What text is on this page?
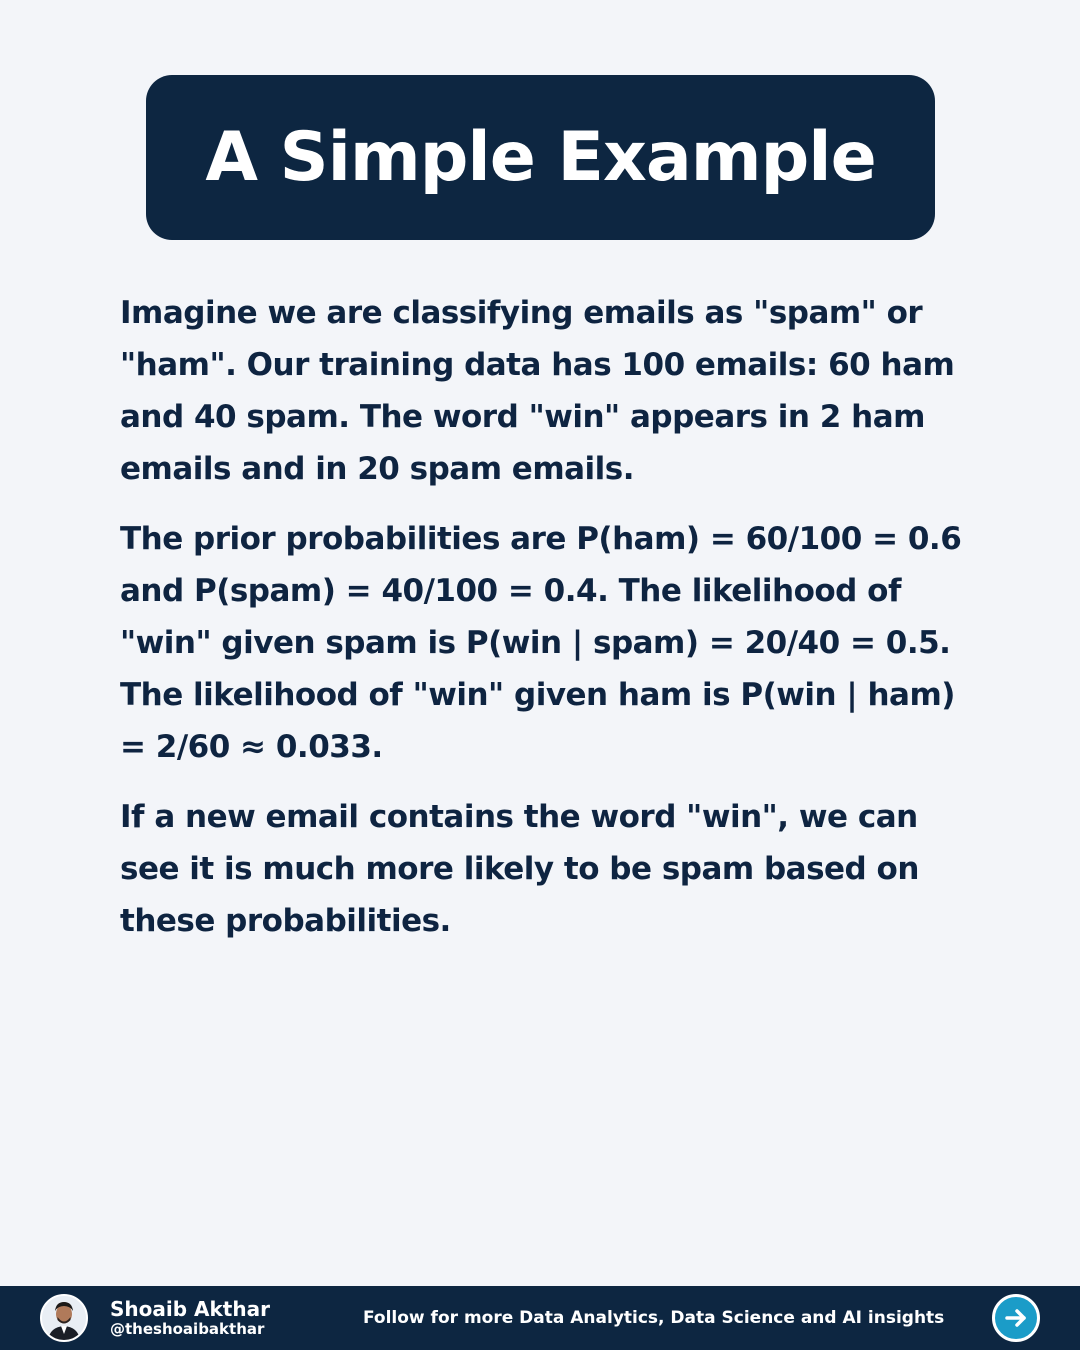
A Simple Example

Imagine we are classifying emails as "spam" or "ham". Our training data has 100 emails: 60 ham and 40 spam. The word "win" appears in 2 ham emails and in 20 spam emails.

The prior probabilities are P(ham) = 60/100 = 0.6 and P(spam) = 40/100 = 0.4. The likelihood of "win" given spam is P(win | spam) = 20/40 = 0.5. The likelihood of "win" given ham is P(win | ham) = 2/60 ≈ 0.033.

If a new email contains the word "win", we can see it is much more likely to be spam based on these probabilities.

Shoaib Akthar
@theshoaibakthar
Follow for more Data Analytics, Data Science and AI insights
